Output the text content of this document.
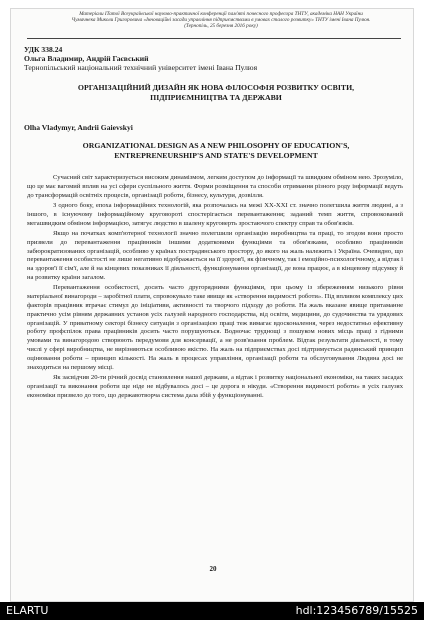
Матеріали ІТатої Всеукраїнської науково-практичної конференції пам'яті почесного професора ТНТУ, академіка НАН України Чумачнека Миколи Григоровича «Інноваційні засади управління підприємствами в умовах сталого розвитку» ТНТУ імені Івана Пулюя. (Тернопіль, 25 березня 2016 року)
УДК 338.24
Ольга Владимир, Андрій Гаєвський
Тернопільський національний технічний університет імені Івана Пулюя
ОРГАНІЗАЦІЙНИЙ ДИЗАЙН ЯК НОВА ФІЛОСОФІЯ РОЗВИТКУ ОСВІТИ,
ПІДПРИЄМНИЦТВА ТА ДЕРЖАВИ
Olha Vladymyr, Andrii Gaievskyi
ORGANIZATIONAL DESIGN AS A NEW PHILOSOPHY OF EDUCATION'S,
ENTREPRENEURSHIP'S AND STATE'S DEVELOPMENT

Сучасний світ характеризується високим динамізмом, легким доступом до інформації та швидким обміном нею. Зрозуміло, що це має вагомий вплив на усі сфери суспільного життя. Форми розміщення та способи отримання різного роду інформації ведуть до трансформацій освітніх процесів, організації роботи, бізнесу, культури, дозвілля.

З одного боку, епоха інформаційних технологій, яка розпочалась на межі XX-XXI ст. значно полегшила життя людині, а з іншого, в існуючому інформаційному круговороті спостерігається перевантаження; заданий темп життя, спровокований мегашвидким обміном інформацією, затягує людство в шалену круговерть зростаючого спектру справ та обов'язків.

Якщо на початках комп'ютерної технології значно полегшили організацію виробництва та праці, то згодом вони просто призвели до перевантаження працівників іншими додатковими функціями та обов'язками, особливо працівників забюрократизованих організацій, особливо у країнах пострадянського простору, до якого на жаль належить і Україна. Очевидно, що перевантаження особистості не лише негативно відображається на її здоров'ї, як фізичному, так і емоційно-психологічному, а відтак і на здоров'ї її сім'ї, але й на кінцевих показниках її діяльності, функціонування організації, де вона працює, а в кінцевому підсумку й на розвитку країни загалом.

Перевантаження особистості, досить часто другорядними функціями, при цьому із збереженням низького рівня матеріальної винагороди – заробітної плати, спровокувало таке явище як «створення видимості роботи». Під впливом комплексу цих факторів працівник втрачає стимул до ініціативи, активності та творчого підходу до роботи. На жаль вказане явище притаманне практично усім рівням державних установ усіх галузей народного господарства, від освіти, медицини, до судочинства та урядових організацій. У приватному секторі бізнесу ситуація з організацією праці теж вимагає вдосконалення, через недостатньо ефективну роботу профспілок права працівників досить часто порушуються. Водночас труднощі з пошуком нових місць праці з гідними умовами та винагородою створюють передумови для консервації, а не розв'язання проблем. Відтак результати діяльності, в тому числі у сфері виробництва, не вирізняються особливою якістю. На жаль на підприємствах досі підтримується радянський принцип оцінювання роботи – принцип кількості. На жаль в процесах управління, організації роботи та обслуговування Людина досі не знаходиться на першому місці.

Як засвідчив 20-ти річний досвід становлення нашої держави, а відтак і розвитку національної економіки, на таких засадах організації та виконання роботи ще ніде не відбувалось досі – це дорога в нікуди. «Створення видимості роботи» в усіх галузях економіки призвело до того, що державотворча система дала збій у функціонуванні.

20
ELARTU	hdl:123456789/15525
